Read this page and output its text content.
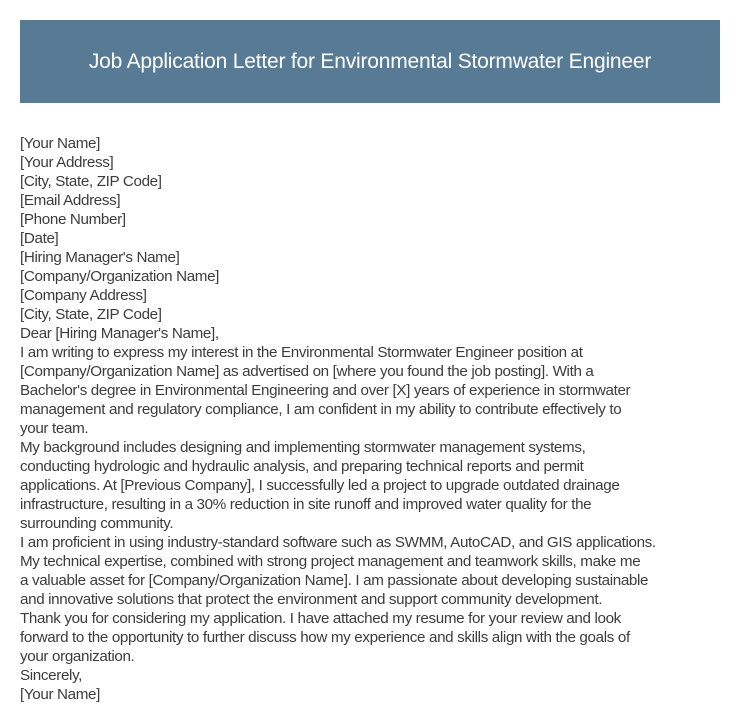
Job Application Letter for Environmental Stormwater Engineer
[Your Name]
[Your Address]
[City, State, ZIP Code]
[Email Address]
[Phone Number]
[Date]
[Hiring Manager's Name]
[Company/Organization Name]
[Company Address]
[City, State, ZIP Code]
Dear [Hiring Manager's Name],
I am writing to express my interest in the Environmental Stormwater Engineer position at
[Company/Organization Name] as advertised on [where you found the job posting]. With a
Bachelor's degree in Environmental Engineering and over [X] years of experience in stormwater
management and regulatory compliance, I am confident in my ability to contribute effectively to
your team.
My background includes designing and implementing stormwater management systems,
conducting hydrologic and hydraulic analysis, and preparing technical reports and permit
applications. At [Previous Company], I successfully led a project to upgrade outdated drainage
infrastructure, resulting in a 30% reduction in site runoff and improved water quality for the
surrounding community.
I am proficient in using industry-standard software such as SWMM, AutoCAD, and GIS applications.
My technical expertise, combined with strong project management and teamwork skills, make me
a valuable asset for [Company/Organization Name]. I am passionate about developing sustainable
and innovative solutions that protect the environment and support community development.
Thank you for considering my application. I have attached my resume for your review and look
forward to the opportunity to further discuss how my experience and skills align with the goals of
your organization.
Sincerely,
[Your Name]
